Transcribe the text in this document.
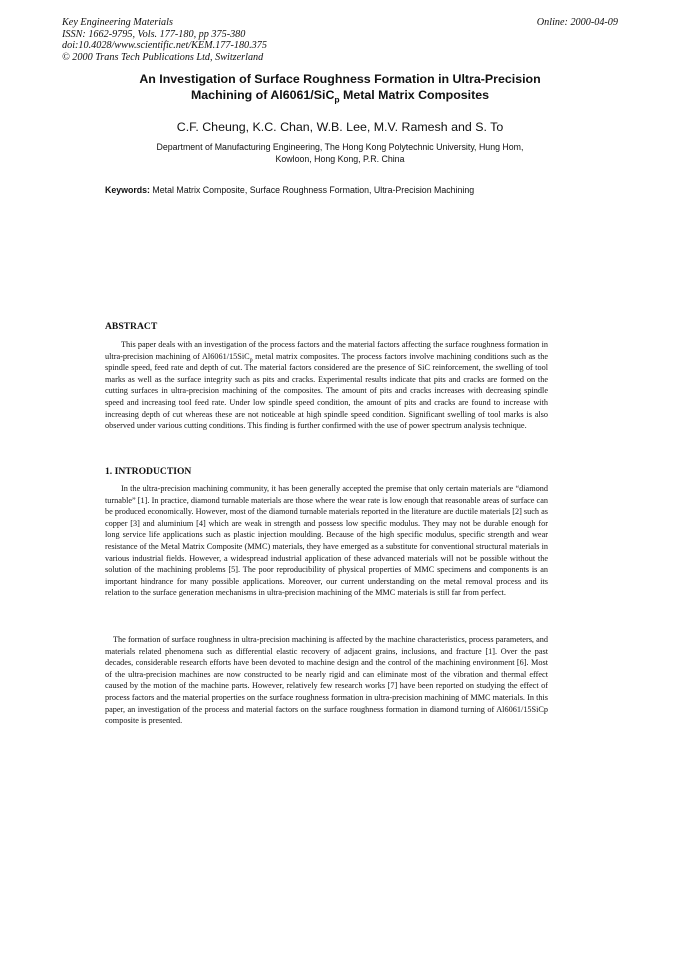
Key Engineering Materials
ISSN: 1662-9795, Vols. 177-180, pp 375-380
doi:10.4028/www.scientific.net/KEM.177-180.375
© 2000 Trans Tech Publications Ltd, Switzerland
Online: 2000-04-09
An Investigation of Surface Roughness Formation in Ultra-Precision
Machining of Al6061/SiC$_p$ Metal Matrix Composites
C.F. Cheung, K.C. Chan, W.B. Lee, M.V. Ramesh and S. To
Department of Manufacturing Engineering, The Hong Kong Polytechnic University, Hung Hom,
Kowloon, Hong Kong, P.R. China
Keywords: Metal Matrix Composite, Surface Roughness Formation, Ultra-Precision Machining
ABSTRACT

This paper deals with an investigation of the process factors and the material factors affecting the surface roughness formation in ultra-precision machining of Al6061/15SiC$_p$ metal matrix composites. The process factors involve machining conditions such as the spindle speed, feed rate and depth of cut. The material factors considered are the presence of SiC reinforcement, the swelling of tool marks as well as the surface integrity such as pits and cracks. Experimental results indicate that pits and cracks are formed on the cutting surfaces in ultra-precision machining of the composites. The amount of pits and cracks increases with decreasing spindle speed and increasing tool feed rate. Under low spindle speed condition, the amount of pits and cracks are found to increase with increasing depth of cut whereas these are not noticeable at high spindle speed condition. Significant swelling of tool marks is also observed under various cutting conditions. This finding is further confirmed with the use of power spectrum analysis technique.

1. INTRODUCTION

In the ultra-precision machining community, it has been generally accepted the premise that only certain materials are “diamond turnable” [1]. In practice, diamond turnable materials are those where the wear rate is low enough that reasonable areas of surface can be produced economically. However, most of the diamond turnable materials reported in the literature are ductile materials [2] such as copper [3] and aluminium [4] which are weak in strength and possess low specific modulus. They may not be durable enough for long service life applications such as plastic injection moulding. Because of the high specific modulus, specific strength and wear resistance of the Metal Matrix Composite (MMC) materials, they have emerged as a substitute for conventional structural materials in various industrial fields. However, a widespread industrial application of these advanced materials will not be possible without the solution of the machining problems [5]. The poor reproducibility of physical properties of MMC specimens and components is an important hindrance for many possible applications. Moreover, our current understanding on the metal removal process and its relation to the surface generation mechanisms in ultra-precision machining of the MMC materials is still far from perfect.

The formation of surface roughness in ultra-precision machining is affected by the machine characteristics, process parameters, and materials related phenomena such as differential elastic recovery of adjacent grains, inclusions, and fracture [1]. Over the past decades, considerable research efforts have been devoted to machine design and the control of the machining environment [6]. Most of the ultra-precision machines are now constructed to be nearly rigid and can eliminate most of the vibration and thermal effect caused by the motion of the machine parts. However, relatively few research works [7] have been reported on studying the effect of process factors and the material properties on the surface roughness formation in ultra-precision machining of MMC materials. In this paper, an investigation of the process and material factors on the surface roughness formation in diamond turning of Al6061/15SiCp composite is presented.
